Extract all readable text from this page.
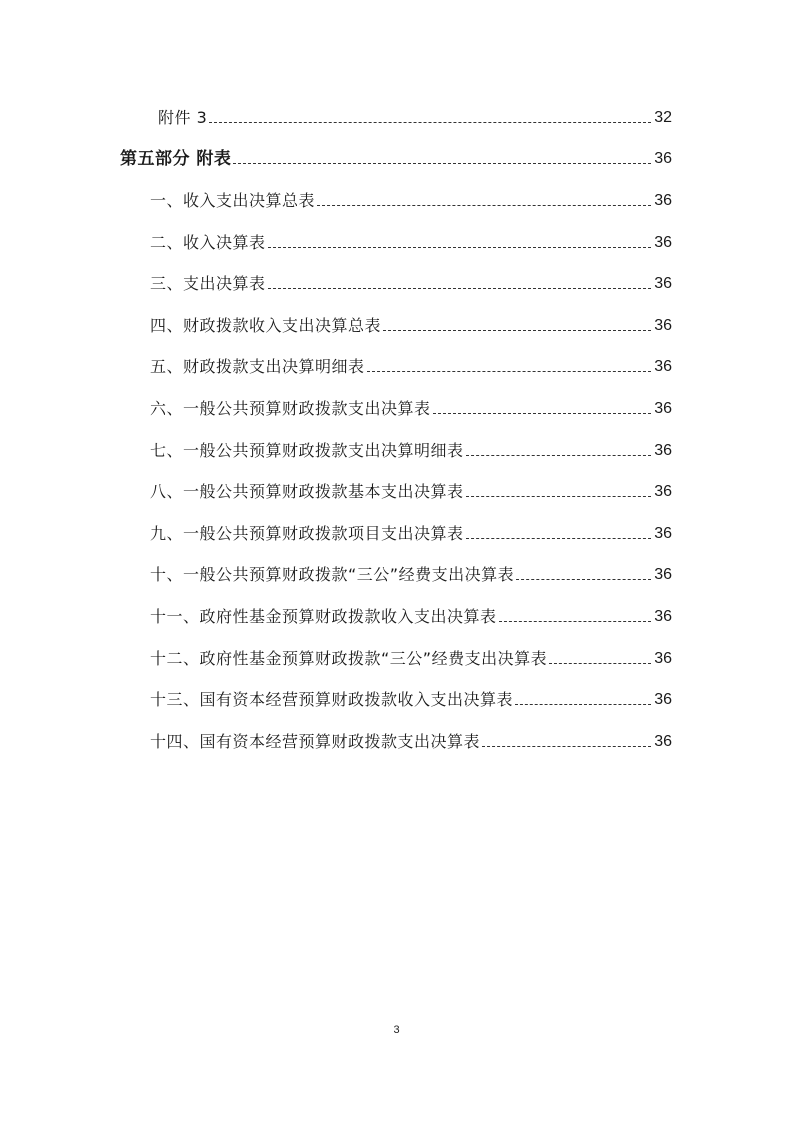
附件 3	32
第五部分 附表	36
一、收入支出决算总表	36
二、收入决算表	36
三、支出决算表	36
四、财政拨款收入支出决算总表	36
五、财政拨款支出决算明细表	36
六、一般公共预算财政拨款支出决算表	36
七、一般公共预算财政拨款支出决算明细表	36
八、一般公共预算财政拨款基本支出决算表	36
九、一般公共预算财政拨款项目支出决算表	36
十、一般公共预算财政拨款“三公”经费支出决算表	36
十一、政府性基金预算财政拨款收入支出决算表	36
十二、政府性基金预算财政拨款“三公”经费支出决算表	36
十三、国有资本经营预算财政拨款收入支出决算表	36
十四、国有资本经营预算财政拨款支出决算表	36
3
